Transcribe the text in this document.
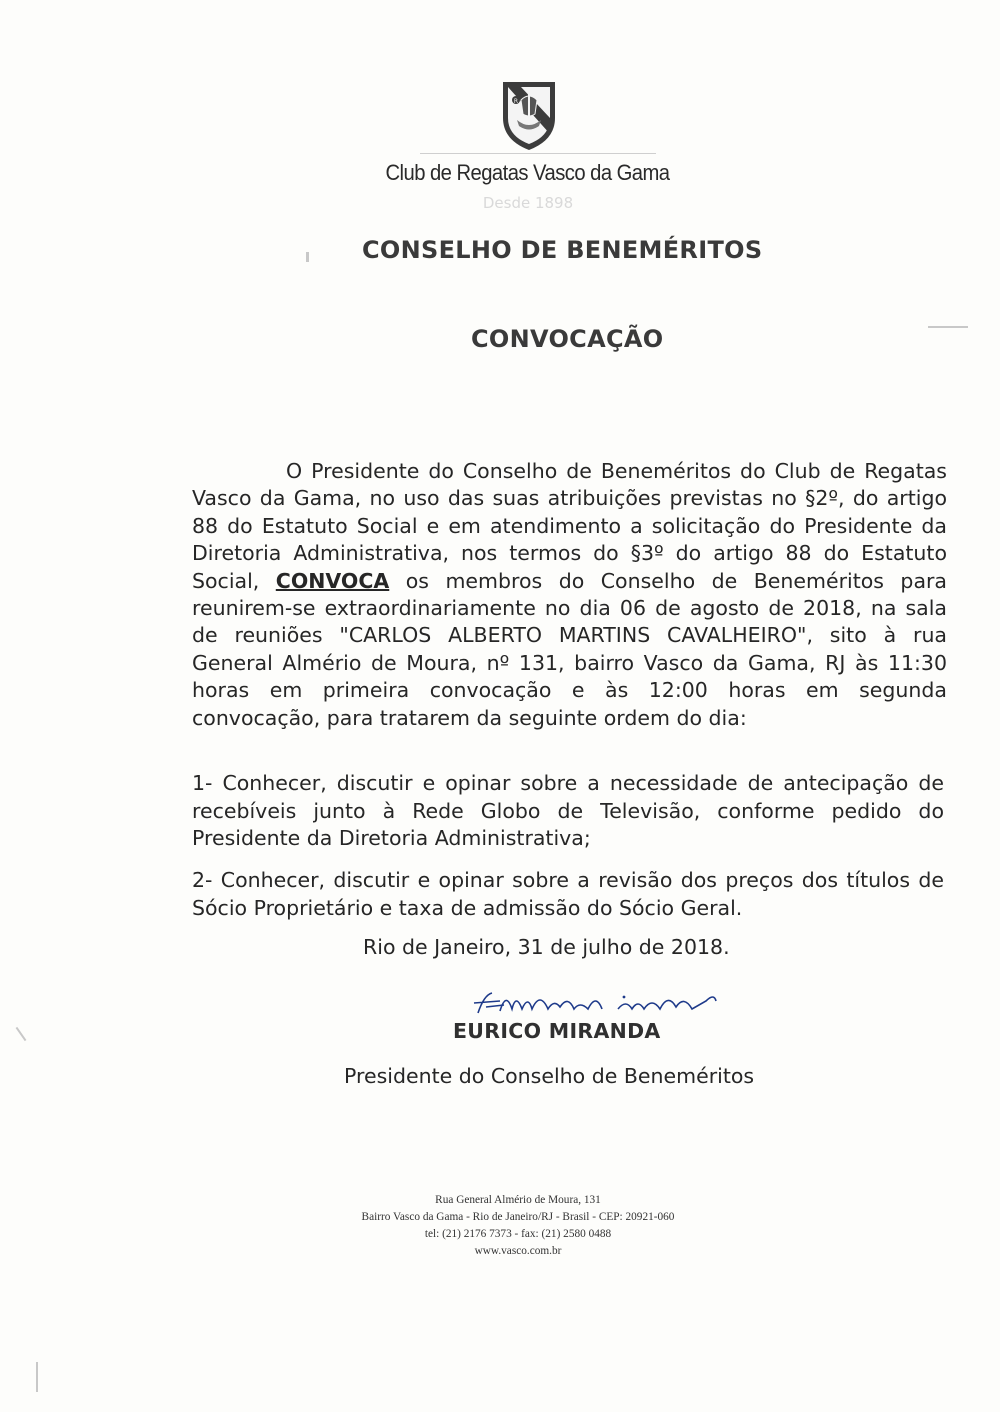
R
Club de Regatas Vasco da Gama
Desde 1898
CONSELHO DE BENEMÉRITOS
CONVOCAÇÃO
O Presidente do Conselho de Beneméritos do Club de Regatas Vasco da Gama, no uso das suas atribuições previstas no §2º, do artigo 88 do Estatuto Social e em atendimento a solicitação do Presidente da Diretoria Administrativa, nos termos do §3º do artigo 88 do Estatuto Social, CONVOCA os membros do Conselho de Beneméritos para reunirem-se extraordinariamente no dia 06 de agosto de 2018, na sala de reuniões "CARLOS ALBERTO MARTINS CAVALHEIRO", sito à rua General Almério de Moura, nº 131, bairro Vasco da Gama, RJ às 11:30 horas em primeira convocação e às 12:00 horas em segunda convocação, para tratarem da seguinte ordem do dia:
1- Conhecer, discutir e opinar sobre a necessidade de antecipação de recebíveis junto à Rede Globo de Televisão, conforme pedido do Presidente da Diretoria Administrativa;
2- Conhecer, discutir e opinar sobre a revisão dos preços dos títulos de Sócio Proprietário e taxa de admissão do Sócio Geral.
Rio de Janeiro, 31 de julho de 2018.
EURICO MIRANDA
Presidente do Conselho de Beneméritos
Rua General Almério de Moura, 131
Bairro Vasco da Gama - Rio de Janeiro/RJ - Brasil - CEP: 20921-060
tel: (21) 2176 7373 - fax: (21) 2580 0488
www.vasco.com.br
